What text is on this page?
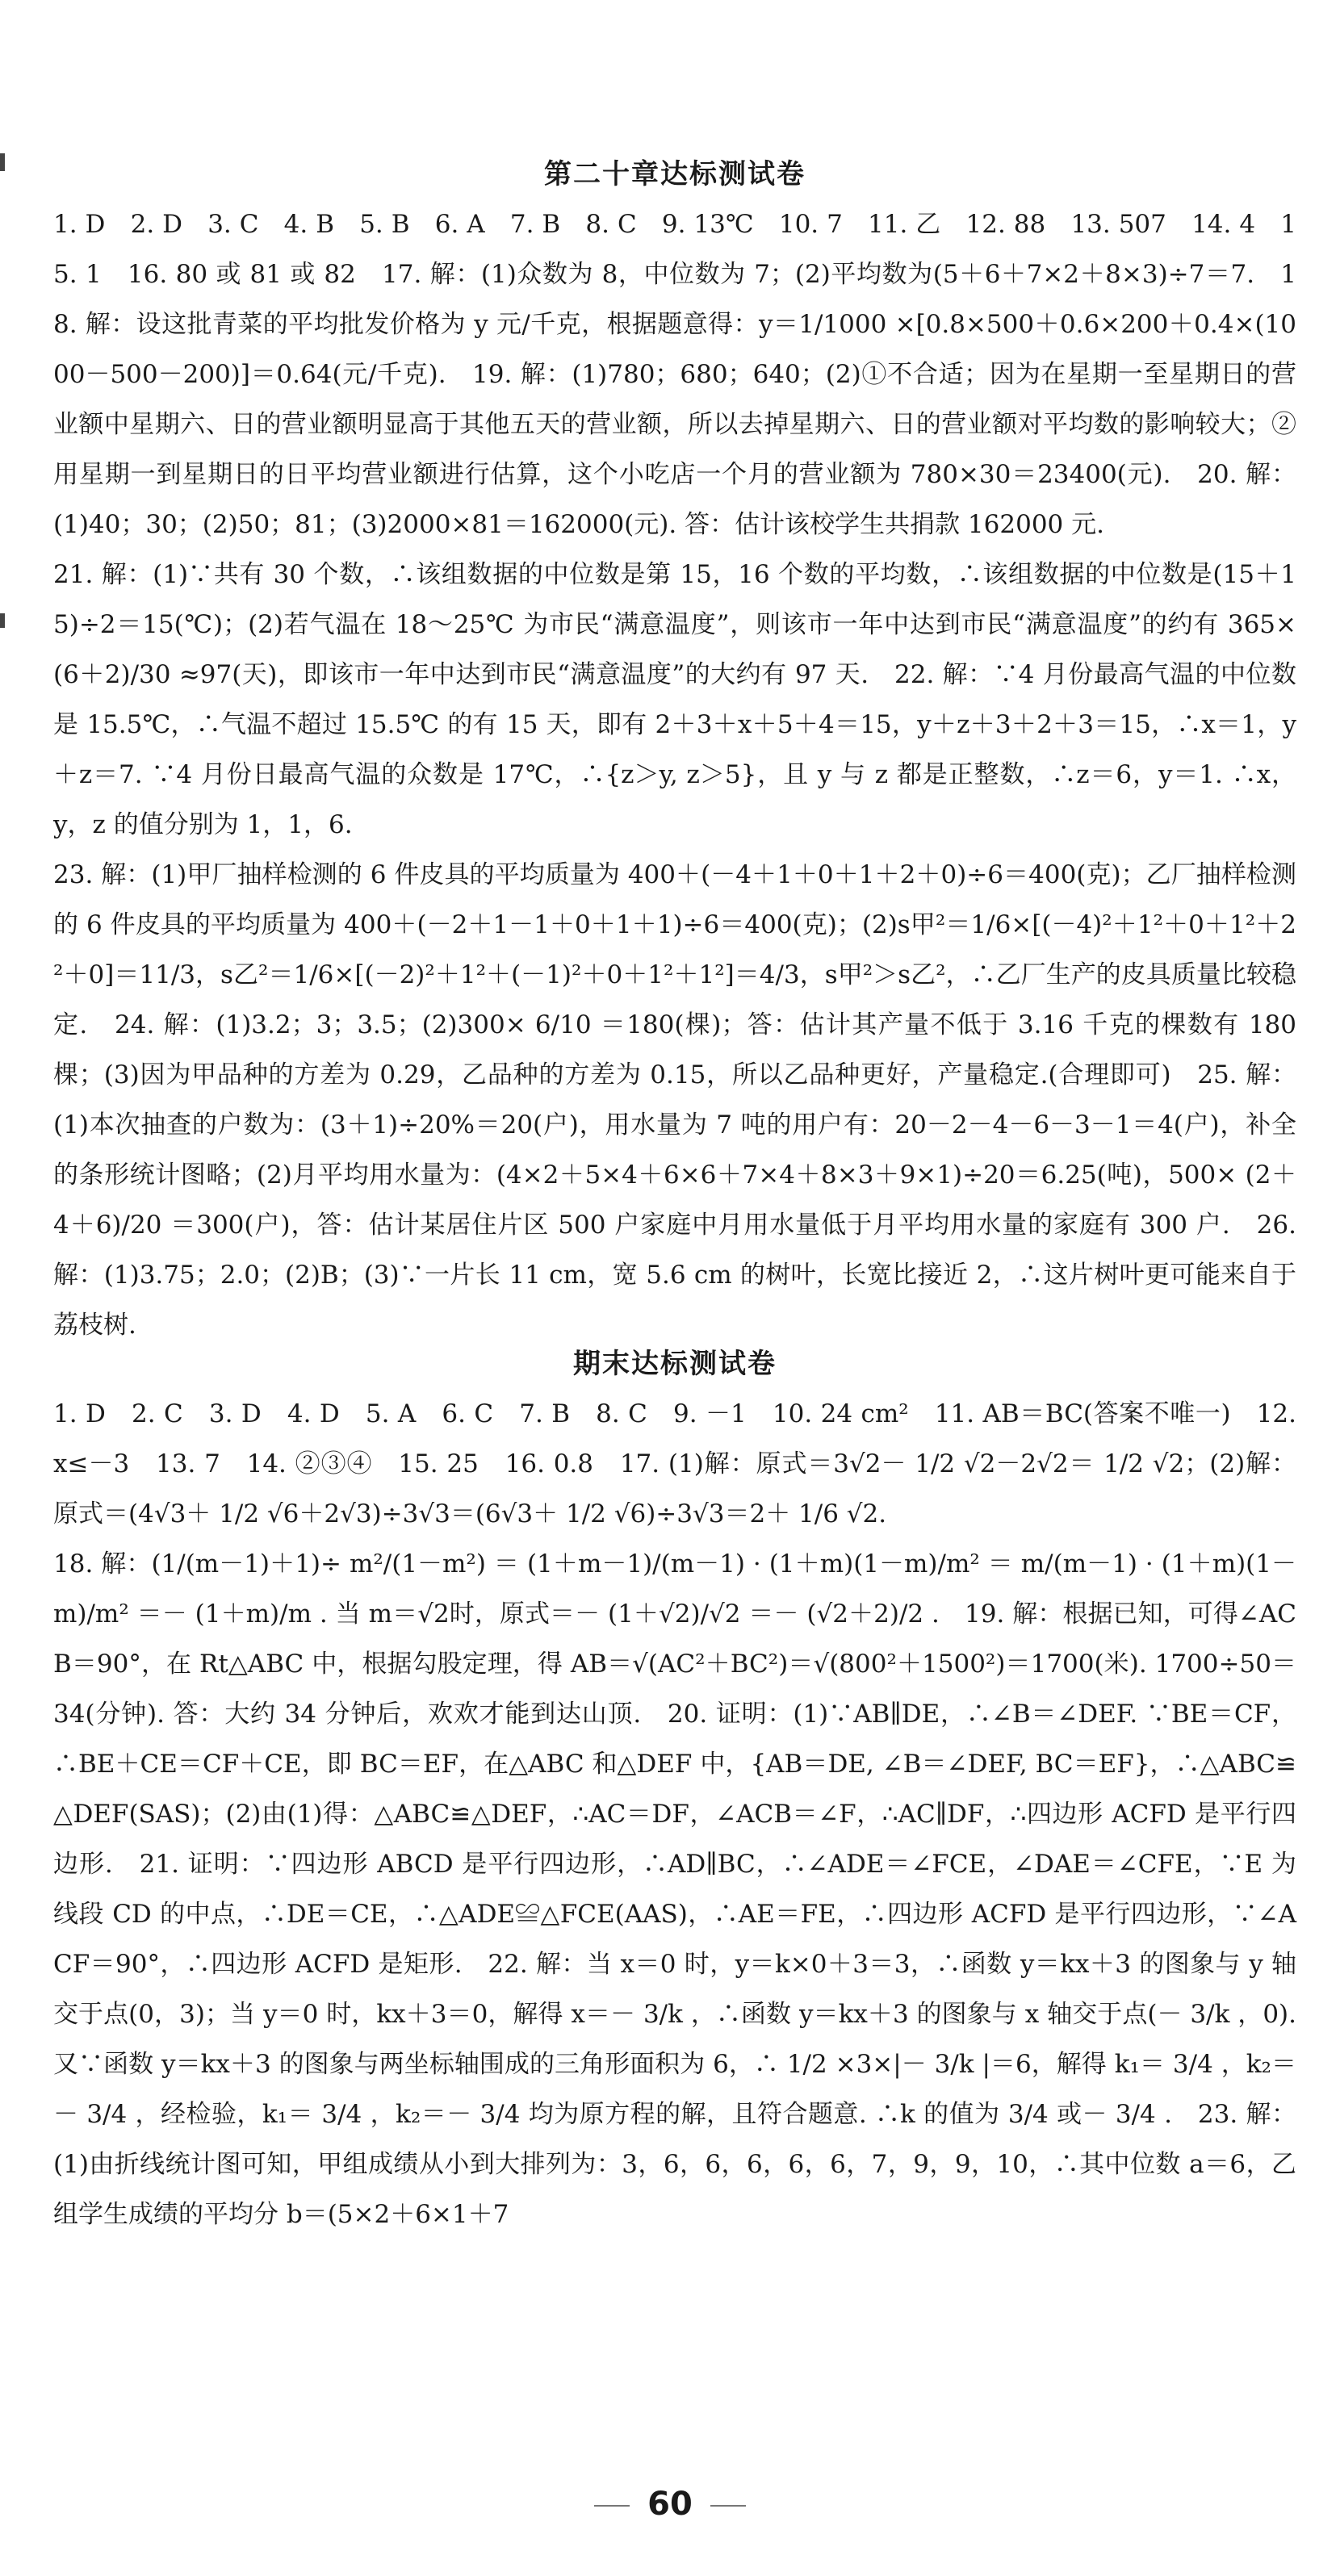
第二十章达标测试卷

1. D　2. D　3. C　4. B　5. B　6. A　7. B　8. C　9. 13℃　10. 7　11. 乙　12. 88　13. 507　14. 4　15. 1　16. 80 或 81 或 82　17. 解：(1)众数为 8，中位数为 7；(2)平均数为(5＋6＋7×2＋8×3)÷7＝7.　18. 解：设这批青菜的平均批发价格为 y 元/千克，根据题意得：y＝1/1000 ×[0.8×500＋0.6×200＋0.4×(1000－500－200)]＝0.64(元/千克).　19. 解：(1)780；680；640；(2)①不合适；因为在星期一至星期日的营业额中星期六、日的营业额明显高于其他五天的营业额，所以去掉星期六、日的营业额对平均数的影响较大；②用星期一到星期日的日平均营业额进行估算，这个小吃店一个月的营业额为 780×30＝23400(元).　20. 解：(1)40；30；(2)50；81；(3)2000×81＝162000(元). 答：估计该校学生共捐款 162000 元.

21. 解：(1)∵共有 30 个数，∴该组数据的中位数是第 15，16 个数的平均数，∴该组数据的中位数是(15＋15)÷2＝15(℃)；(2)若气温在 18～25℃ 为市民“满意温度”，则该市一年中达到市民“满意温度”的约有 365× (6＋2)/30 ≈97(天)，即该市一年中达到市民“满意温度”的大约有 97 天.　22. 解：∵4 月份最高气温的中位数是 15.5℃，∴气温不超过 15.5℃ 的有 15 天，即有 2＋3＋x＋5＋4＝15，y＋z＋3＋2＋3＝15，∴x＝1，y＋z＝7. ∵4 月份日最高气温的众数是 17℃，∴{z＞y, z＞5}，且 y 与 z 都是正整数，∴z＝6，y＝1. ∴x，y，z 的值分别为 1，1，6.

23. 解：(1)甲厂抽样检测的 6 件皮具的平均质量为 400＋(－4＋1＋0＋1＋2＋0)÷6＝400(克)；乙厂抽样检测的 6 件皮具的平均质量为 400＋(－2＋1－1＋0＋1＋1)÷6＝400(克)；(2)s甲²＝1/6×[(－4)²＋1²＋0＋1²＋2²＋0]＝11/3，s乙²＝1/6×[(－2)²＋1²＋(－1)²＋0＋1²＋1²]＝4/3，s甲²＞s乙²，∴乙厂生产的皮具质量比较稳定.　24. 解：(1)3.2；3；3.5；(2)300× 6/10 ＝180(棵)；答：估计其产量不低于 3.16 千克的棵数有 180 棵；(3)因为甲品种的方差为 0.29，乙品种的方差为 0.15，所以乙品种更好，产量稳定.(合理即可)　25. 解：(1)本次抽查的户数为：(3＋1)÷20%＝20(户)，用水量为 7 吨的用户有：20－2－4－6－3－1＝4(户)，补全的条形统计图略；(2)月平均用水量为：(4×2＋5×4＋6×6＋7×4＋8×3＋9×1)÷20＝6.25(吨)，500× (2＋4＋6)/20 ＝300(户)，答：估计某居住片区 500 户家庭中月用水量低于月平均用水量的家庭有 300 户.　26. 解：(1)3.75；2.0；(2)B；(3)∵一片长 11 cm，宽 5.6 cm 的树叶，长宽比接近 2，∴这片树叶更可能来自于荔枝树.

期末达标测试卷

1. D　2. C　3. D　4. D　5. A　6. C　7. B　8. C　9. －1　10. 24 cm²　11. AB＝BC(答案不唯一)　12. x≤－3　13. 7　14. ②③④　15. 25　16. 0.8　17. (1)解：原式＝3√2－ 1/2 √2－2√2＝ 1/2 √2；(2)解：原式＝(4√3＋ 1/2 √6＋2√3)÷3√3＝(6√3＋ 1/2 √6)÷3√3＝2＋ 1/6 √2.

18. 解：(1/(m－1)＋1)÷ m²/(1－m²) ＝ (1＋m－1)/(m－1) · (1＋m)(1－m)/m² ＝ m/(m－1) · (1＋m)(1－m)/m² ＝－ (1＋m)/m . 当 m＝√2时，原式＝－ (1＋√2)/√2 ＝－ (√2＋2)/2 .　19. 解：根据已知，可得∠ACB＝90°，在 Rt△ABC 中，根据勾股定理，得 AB＝√(AC²＋BC²)＝√(800²＋1500²)＝1700(米). 1700÷50＝34(分钟). 答：大约 34 分钟后，欢欢才能到达山顶.　20. 证明：(1)∵AB∥DE，∴∠B＝∠DEF. ∵BE＝CF，∴BE＋CE＝CF＋CE，即 BC＝EF，在△ABC 和△DEF 中，{AB＝DE, ∠B＝∠DEF, BC＝EF}，∴△ABC≌△DEF(SAS)；(2)由(1)得：△ABC≌△DEF，∴AC＝DF，∠ACB＝∠F，∴AC∥DF，∴四边形 ACFD 是平行四边形.　21. 证明：∵四边形 ABCD 是平行四边形，∴AD∥BC，∴∠ADE＝∠FCE，∠DAE＝∠CFE，∵E 为线段 CD 的中点，∴DE＝CE，∴△ADE≌△FCE(AAS)，∴AE＝FE，∴四边形 ACFD 是平行四边形，∵∠ACF＝90°，∴四边形 ACFD 是矩形.　22. 解：当 x＝0 时，y＝k×0＋3＝3，∴函数 y＝kx＋3 的图象与 y 轴交于点(0，3)；当 y＝0 时，kx＋3＝0，解得 x＝－ 3/k ，∴函数 y＝kx＋3 的图象与 x 轴交于点(－ 3/k ，0). 又∵函数 y＝kx＋3 的图象与两坐标轴围成的三角形面积为 6，∴ 1/2 ×3×|－ 3/k |＝6，解得 k₁＝ 3/4 ，k₂＝－ 3/4 ，经检验，k₁＝ 3/4 ，k₂＝－ 3/4 均为原方程的解，且符合题意. ∴k 的值为 3/4 或－ 3/4 .　23. 解：(1)由折线统计图可知，甲组成绩从小到大排列为：3，6，6，6，6，6，7，9，9，10，∴其中位数 a＝6，乙组学生成绩的平均分 b＝(5×2＋6×1＋7

60
